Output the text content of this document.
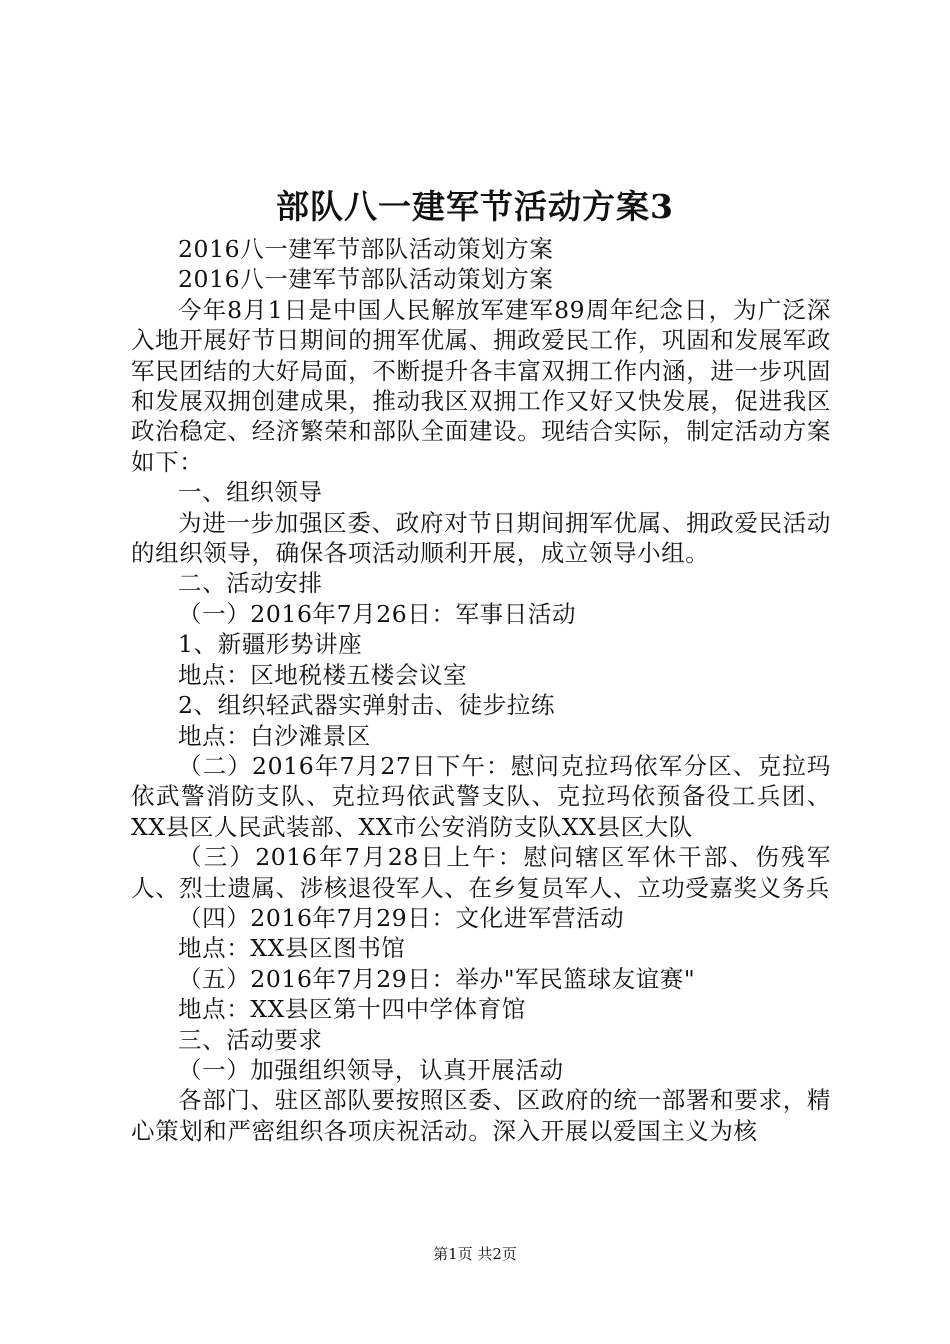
部队八一建军节活动方案3

2016八一建军节部队活动策划方案

2016八一建军节部队活动策划方案

今年8月1日是中国人民解放军建军89周年纪念日，为广泛深入地开展好节日期间的拥军优属、拥政爱民工作，巩固和发展军政军民团结的大好局面，不断提升各丰富双拥工作内涵，进一步巩固和发展双拥创建成果，推动我区双拥工作又好又快发展，促进我区政治稳定、经济繁荣和部队全面建设。现结合实际，制定活动方案如下：

一、组织领导

为进一步加强区委、政府对节日期间拥军优属、拥政爱民活动的组织领导，确保各项活动顺利开展，成立领导小组。

二、活动安排

（一）2016年7月26日：军事日活动

1、新疆形势讲座

地点：区地税楼五楼会议室

2、组织轻武器实弹射击、徒步拉练

地点：白沙滩景区

（二）2016年7月27日下午：慰问克拉玛依军分区、克拉玛依武警消防支队、克拉玛依武警支队、克拉玛依预备役工兵团、XX县区人民武装部、XX市公安消防支队XX县区大队

（三）2016年7月28日上午：慰问辖区军休干部、伤残军人、烈士遗属、涉核退役军人、在乡复员军人、立功受嘉奖义务兵

（四）2016年7月29日：文化进军营活动

地点：XX县区图书馆

（五）2016年7月29日：举办"军民篮球友谊赛"

地点：XX县区第十四中学体育馆

三、活动要求

（一）加强组织领导，认真开展活动

各部门、驻区部队要按照区委、区政府的统一部署和要求，精心策划和严密组织各项庆祝活动。深入开展以爱国主义为核

第1页 共2页
